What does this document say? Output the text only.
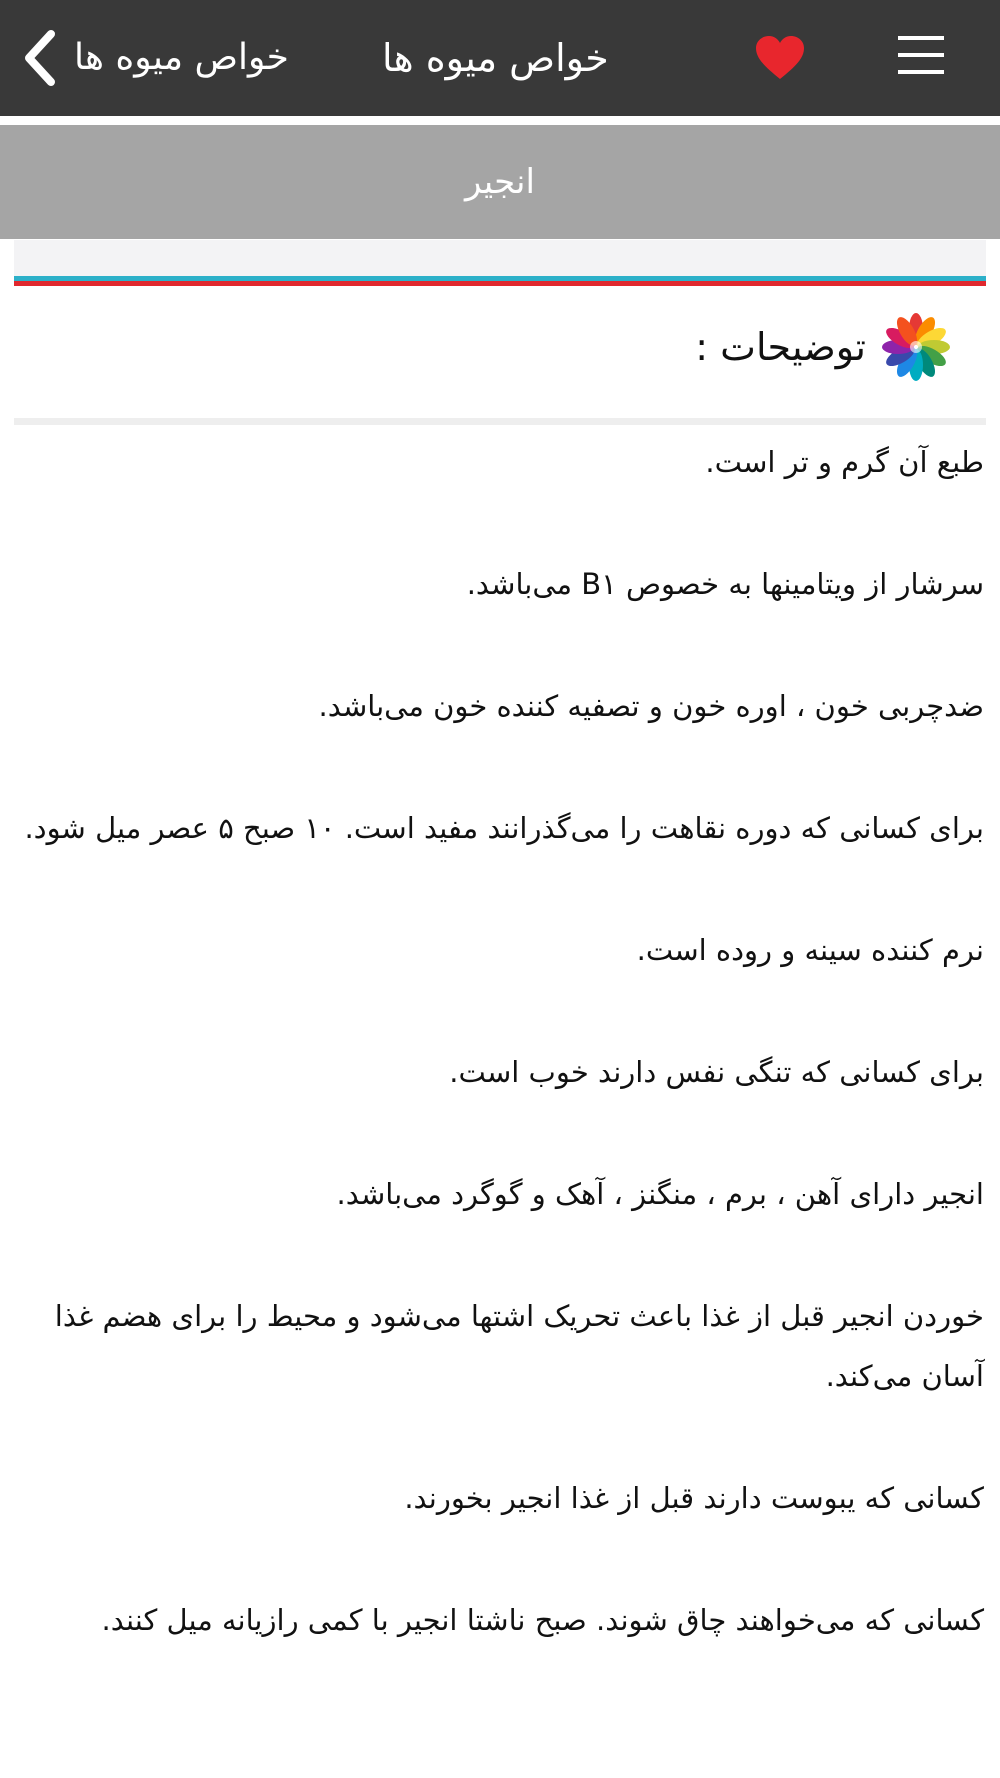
خواص میوه ها خواص میوه ها
انجیر
توضیحات :

طبع آن گرم و تر است.

سرشار از ویتامینها به خصوص B۱ می‌باشد.

ضدچربی خون ، اوره خون و تصفیه کننده خون می‌باشد.

برای کسانی که دوره نقاهت را می‌گذرانند مفید است. ۱۰ صبح ۵ عصر میل شود.

نرم کننده سینه و روده است.

برای کسانی که تنگی نفس دارند خوب است.

انجیر دارای آهن ، برم ، منگنز ، آهک و گوگرد می‌باشد.

خوردن انجیر قبل از غذا باعث تحریک اشتها می‌شود و محیط را برای هضم غذا آسان می‌کند.

کسانی که یبوست دارند قبل از غذا انجیر بخورند.

کسانی که می‌خواهند چاق شوند. صبح ناشتا انجیر با کمی رازیانه میل کنند.
